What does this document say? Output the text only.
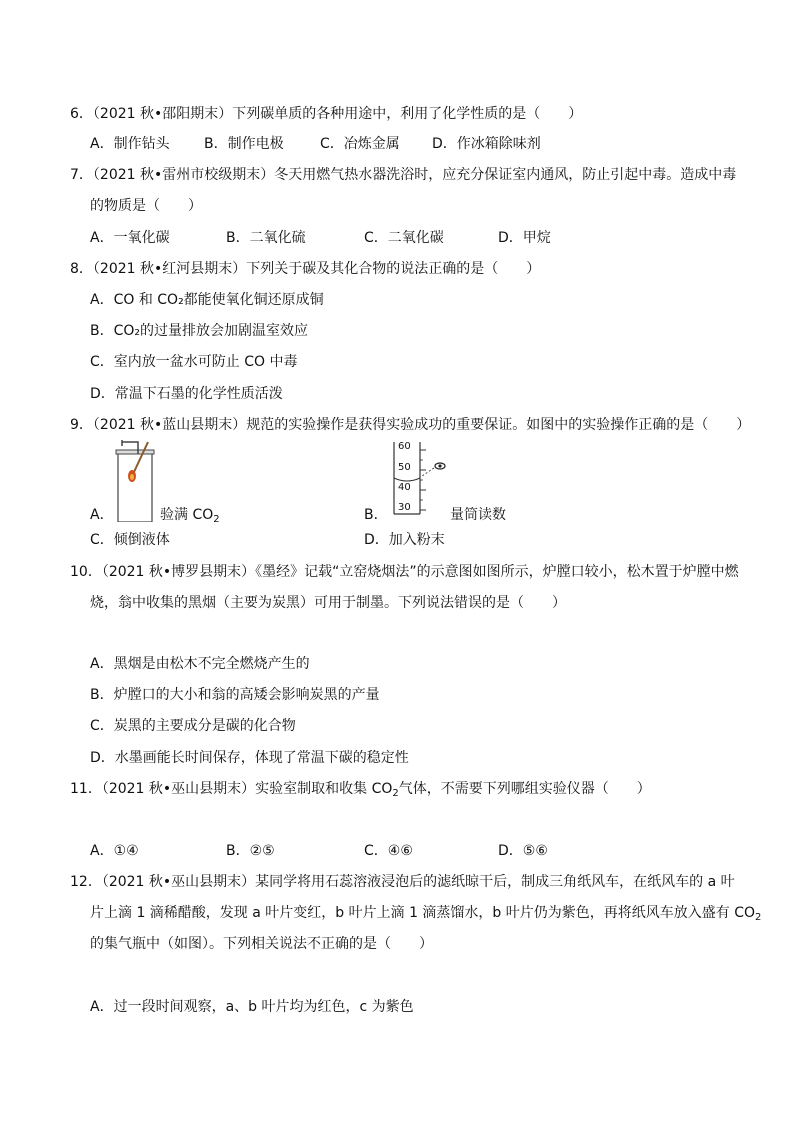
6．（2021 秋•邵阳期末）下列碳单质的各种用途中，利用了化学性质的是（　　）
A．制作钻头 B．制作电极	C．冶炼金属 D．作冰箱除味剂
7．（2021 秋•雷州市校级期末）冬天用燃气热水器洗浴时，应充分保证室内通风，防止引起中毒。造成中毒
的物质是（　　）
A．一氧化碳	B．二氧化硫	C．二氧化碳	D．甲烷
8．（2021 秋•红河县期末）下列关于碳及其化合物的说法正确的是（　　）
A．CO 和 CO₂都能使氧化铜还原成铜
B．CO₂的过量排放会加剧温室效应
C．室内放一盆水可防止 CO 中毒
D．常温下石墨的化学性质活泼
9．（2021 秋•蓝山县期末）规范的实验操作是获得实验成功的重要保证。如图中的实验操作正确的是（　　）
A．	验满 $CO_2$
60
50
40
30
B．	量筒读数
C．倾倒液体	D．加入粉末
10．（2021 秋•博罗县期末）《墨经》记载“立窑烧烟法”的示意图如图所示，炉膛口较小，松木置于炉膛中燃
烧，翁中收集的黑烟（主要为炭黑）可用于制墨。下列说法错误的是（　　）
A．黑烟是由松木不完全燃烧产生的
B．炉膛口的大小和翁的高矮会影响炭黑的产量
C．炭黑的主要成分是碳的化合物
D．水墨画能长时间保存，体现了常温下碳的稳定性
11．（2021 秋•巫山县期末）实验室制取和收集 $CO_2$气体，不需要下列哪组实验仪器（　　）
A．①④	B．②⑤	C．④⑥	D．⑤⑥
12．（2021 秋•巫山县期末）某同学将用石蕊溶液浸泡后的滤纸晾干后，制成三角纸风车，在纸风车的 a 叶
片上滴 1 滴稀醋酸，发现 a 叶片变红，b 叶片上滴 1 滴蒸馏水，b 叶片仍为紫色，再将纸风车放入盛有 $CO_2$
的集气瓶中（如图）。下列相关说法不正确的是（　　）
A．过一段时间观察，a、b 叶片均为红色，c 为紫色
